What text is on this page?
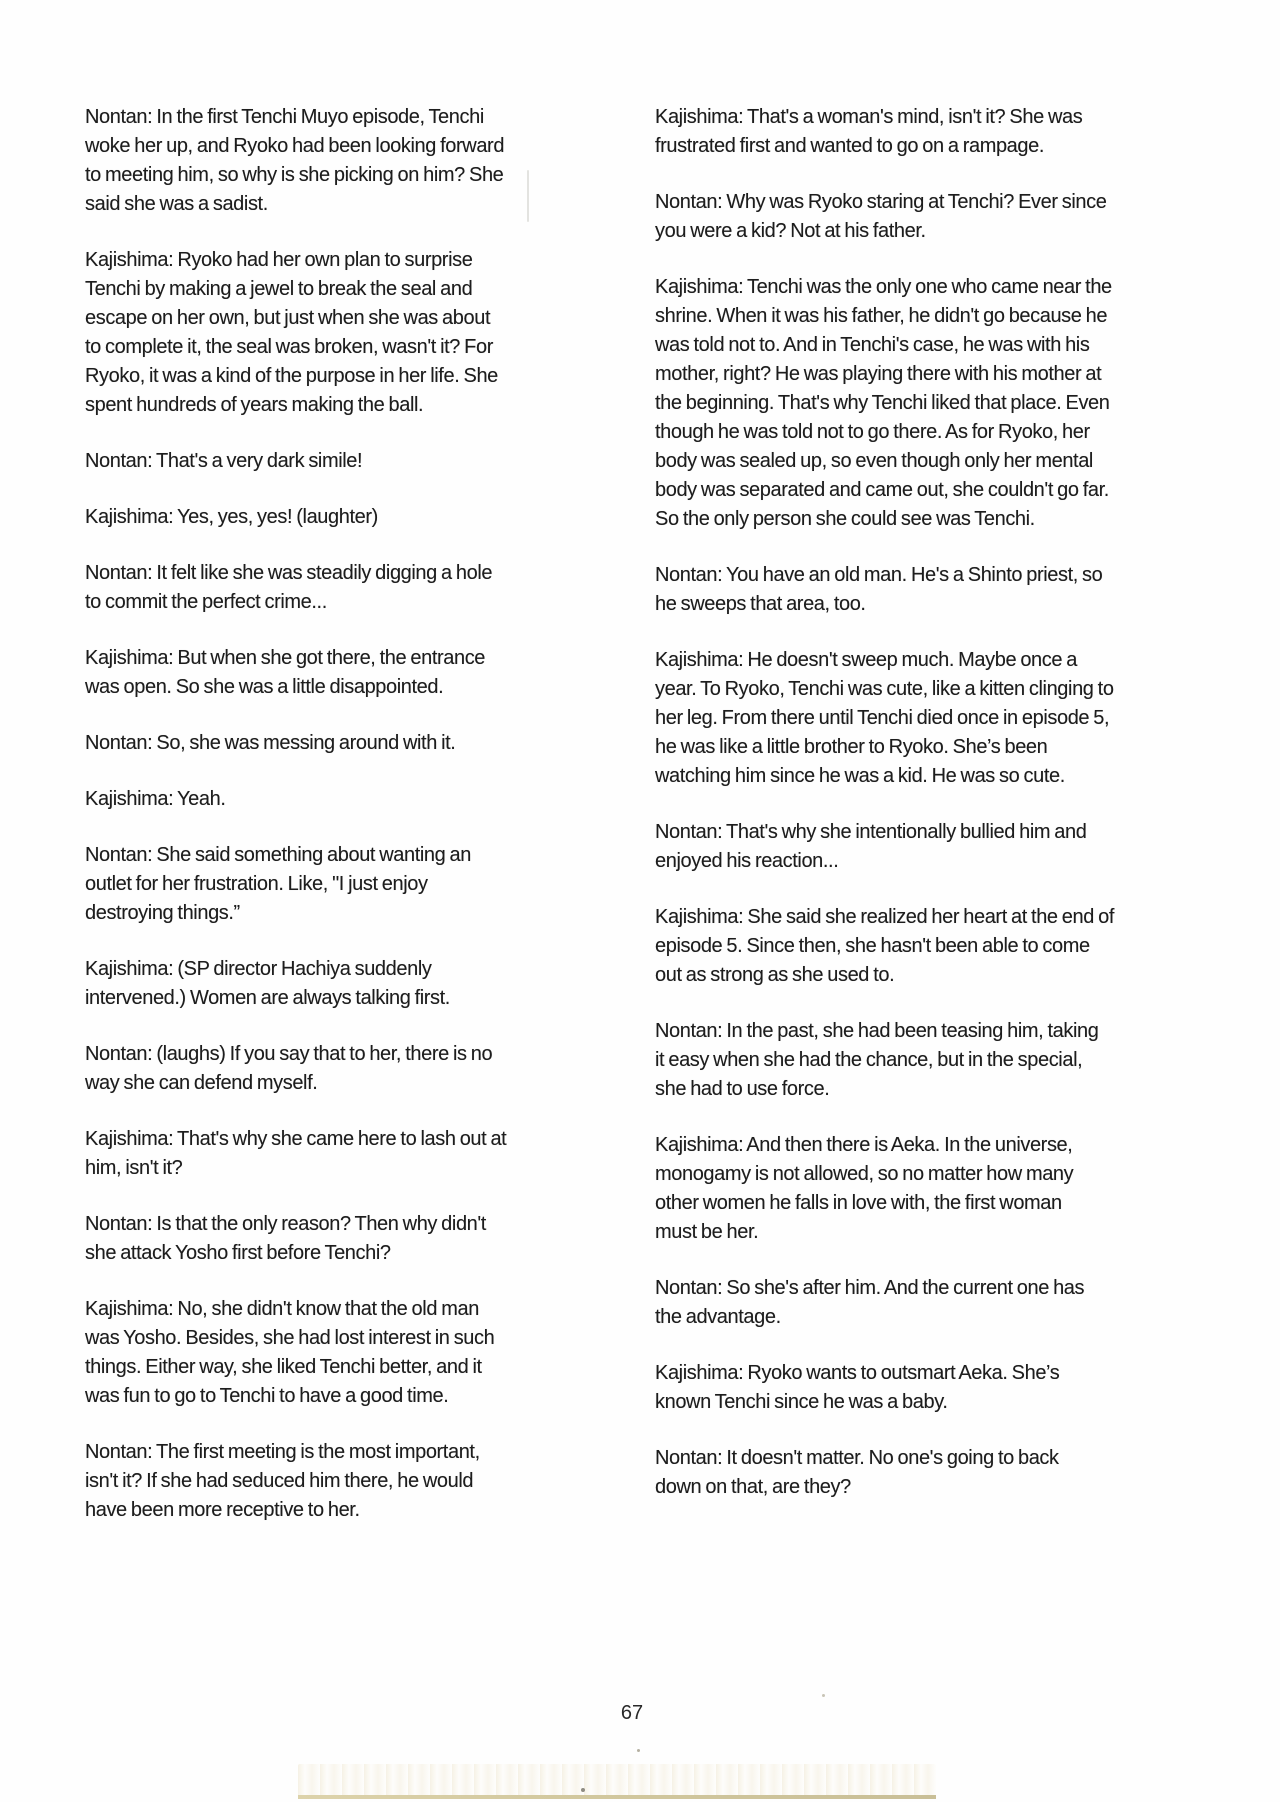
Nontan: In the first Tenchi Muyo episode, Tenchi
woke her up, and Ryoko had been looking forward
to meeting him, so why is she picking on him? She
said she was a sadist.
Kajishima: Ryoko had her own plan to surprise
Tenchi by making a jewel to break the seal and
escape on her own, but just when she was about
to complete it, the seal was broken, wasn't it? For
Ryoko, it was a kind of the purpose in her life. She
spent hundreds of years making the ball.
Nontan: That's a very dark simile!
Kajishima: Yes, yes, yes! (laughter)
Nontan: It felt like she was steadily digging a hole
to commit the perfect crime...
Kajishima: But when she got there, the entrance
was open. So she was a little disappointed.
Nontan: So, she was messing around with it.
Kajishima: Yeah.
Nontan: She said something about wanting an
outlet for her frustration. Like, "I just enjoy
destroying things.”
Kajishima: (SP director Hachiya suddenly
intervened.) Women are always talking first.
Nontan: (laughs) If you say that to her, there is no
way she can defend myself.
Kajishima: That's why she came here to lash out at
him, isn't it?
Nontan: Is that the only reason? Then why didn't
she attack Yosho first before Tenchi?
Kajishima: No, she didn't know that the old man
was Yosho. Besides, she had lost interest in such
things. Either way, she liked Tenchi better, and it
was fun to go to Tenchi to have a good time.
Nontan: The first meeting is the most important,
isn't it? If she had seduced him there, he would
have been more receptive to her.
Kajishima: That's a woman's mind, isn't it? She was
frustrated first and wanted to go on a rampage.
Nontan: Why was Ryoko staring at Tenchi? Ever since
you were a kid? Not at his father.
Kajishima: Tenchi was the only one who came near the
shrine. When it was his father, he didn't go because he
was told not to. And in Tenchi's case, he was with his
mother, right? He was playing there with his mother at
the beginning. That's why Tenchi liked that place. Even
though he was told not to go there. As for Ryoko, her
body was sealed up, so even though only her mental
body was separated and came out, she couldn't go far.
So the only person she could see was Tenchi.
Nontan: You have an old man. He's a Shinto priest, so
he sweeps that area, too.
Kajishima: He doesn't sweep much. Maybe once a
year. To Ryoko, Tenchi was cute, like a kitten clinging to
her leg. From there until Tenchi died once in episode 5,
he was like a little brother to Ryoko. She’s been
watching him since he was a kid. He was so cute.
Nontan: That's why she intentionally bullied him and
enjoyed his reaction...
Kajishima: She said she realized her heart at the end of
episode 5. Since then, she hasn't been able to come
out as strong as she used to.
Nontan: In the past, she had been teasing him, taking
it easy when she had the chance, but in the special,
she had to use force.
Kajishima: And then there is Aeka. In the universe,
monogamy is not allowed, so no matter how many
other women he falls in love with, the first woman
must be her.
Nontan: So she's after him. And the current one has
the advantage.
Kajishima: Ryoko wants to outsmart Aeka. She’s
known Tenchi since he was a baby.
Nontan: It doesn't matter. No one's going to back
down on that, are they?
67
